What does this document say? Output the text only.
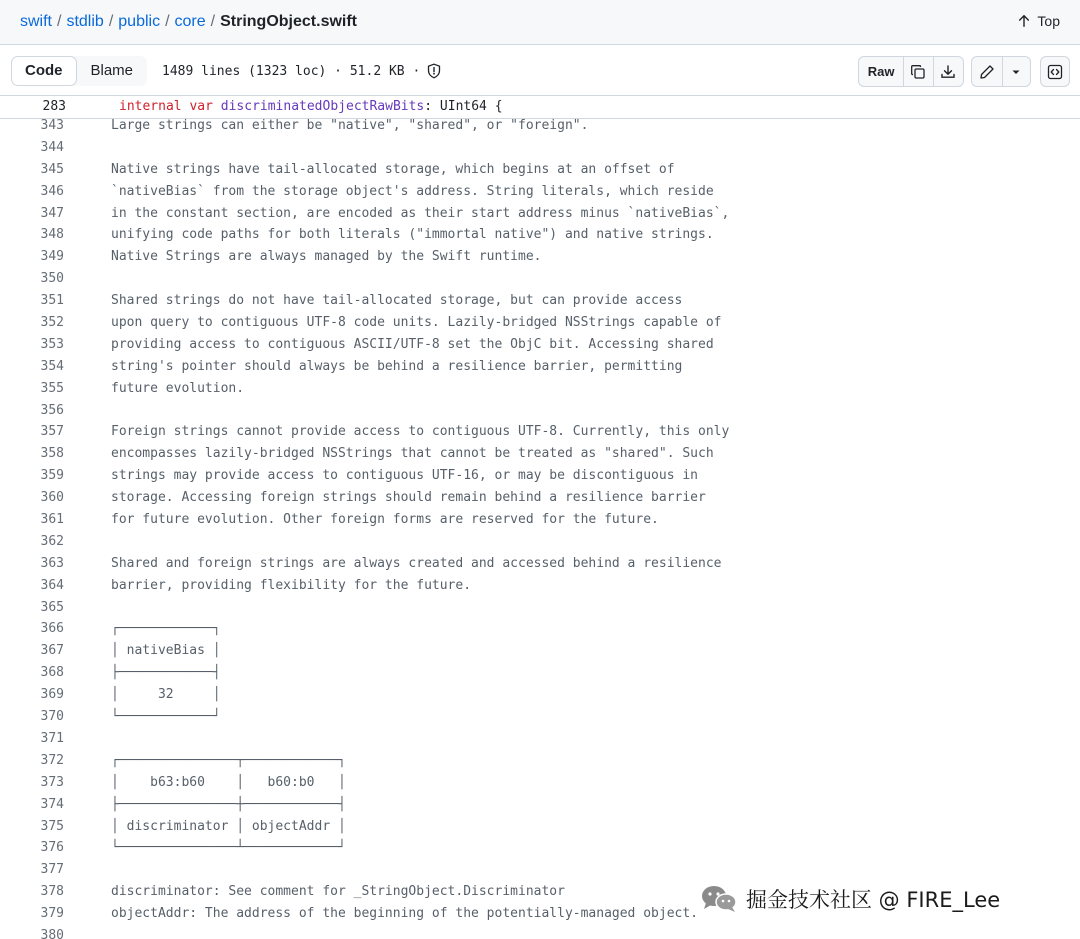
swift / stdlib / public / core / StringObject.swift	Top
Code	Blame	1489 lines (1323 loc) · 51.2 KB ·	Raw
283	internal var discriminatedObjectRawBits: UInt64 {
343	Large strings can either be "native", "shared", or "foreign".
344
345	Native strings have tail-allocated storage, which begins at an offset of
346	`nativeBias` from the storage object's address. String literals, which reside
347	in the constant section, are encoded as their start address minus `nativeBias`,
348	unifying code paths for both literals ("immortal native") and native strings.
349	Native Strings are always managed by the Swift runtime.
350
351	Shared strings do not have tail-allocated storage, but can provide access
352	upon query to contiguous UTF-8 code units. Lazily-bridged NSStrings capable of
353	providing access to contiguous ASCII/UTF-8 set the ObjC bit. Accessing shared
354	string's pointer should always be behind a resilience barrier, permitting
355	future evolution.
356
357	Foreign strings cannot provide access to contiguous UTF-8. Currently, this only
358	encompasses lazily-bridged NSStrings that cannot be treated as "shared". Such
359	strings may provide access to contiguous UTF-16, or may be discontiguous in
360	storage. Accessing foreign strings should remain behind a resilience barrier
361	for future evolution. Other foreign forms are reserved for the future.
362
363	Shared and foreign strings are always created and accessed behind a resilience
364	barrier, providing flexibility for the future.
365
366	┌────────────┐
367	│ nativeBias │
368	├────────────┤
369	│     32     │
370	└────────────┘
371
372	┌───────────────┬────────────┐
373	│    b63:b60    │   b60:b0   │
374	├───────────────┼────────────┤
375	│ discriminator │ objectAddr │
376	└───────────────┴────────────┘
377
378	discriminator: See comment for _StringObject.Discriminator
379	objectAddr: The address of the beginning of the potentially-managed object.
380
掘金技术社区 @ FIRE_Lee
